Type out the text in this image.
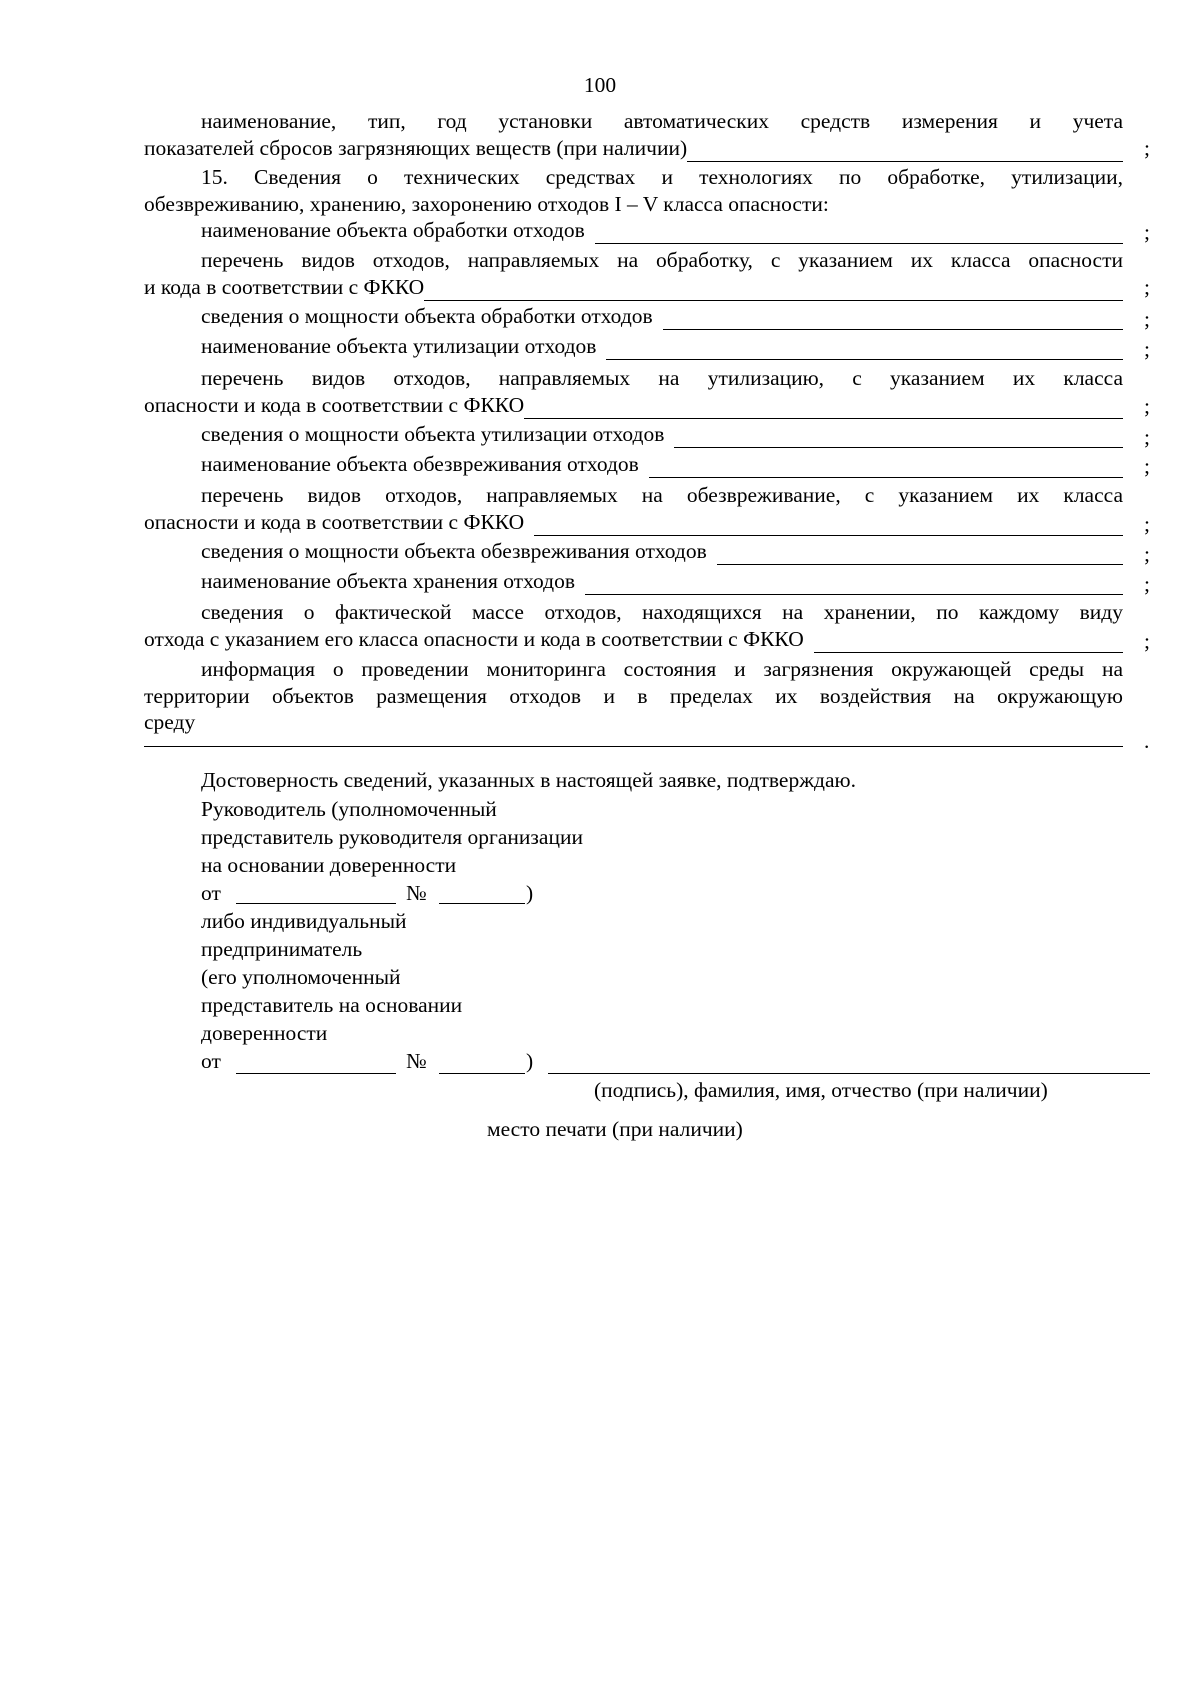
100
наименование, тип, год установки автоматических средств измерения и учета
показателей сбросов загрязняющих веществ (при наличии)	;
15. Сведения о технических средствах и технологиях по обработке, утилизации,
обезвреживанию, хранению, захоронению отходов I – V класса опасности:
наименование объекта обработки отходов	;
перечень видов отходов, направляемых на обработку, с указанием их класса опасности
и кода в соответствии с ФККО	;
сведения о мощности объекта обработки отходов	;
наименование объекта утилизации отходов	;
перечень видов отходов, направляемых на утилизацию, с указанием их класса
опасности и кода в соответствии с ФККО	;
сведения о мощности объекта утилизации отходов	;
наименование объекта обезвреживания отходов	;
перечень видов отходов, направляемых на обезвреживание, с указанием их класса
опасности и кода в соответствии с ФККО	;
сведения о мощности объекта обезвреживания отходов	;
наименование объекта хранения отходов	;
сведения о фактической массе отходов, находящихся на хранении, по каждому виду
отхода с указанием его класса опасности и кода в соответствии с ФККО	;
информация о проведении мониторинга состояния и загрязнения окружающей среды на
территории объектов размещения отходов и в пределах их воздействия на окружающую
среду
.
Достоверность сведений, указанных в настоящей заявке, подтверждаю.
Руководитель (уполномоченный
представитель руководителя организации
на основании доверенности
от	№	)
либо индивидуальный
предприниматель
(его уполномоченный
представитель на основании
доверенности
от	№	)
(подпись), фамилия, имя, отчество (при наличии)
место печати (при наличии)
